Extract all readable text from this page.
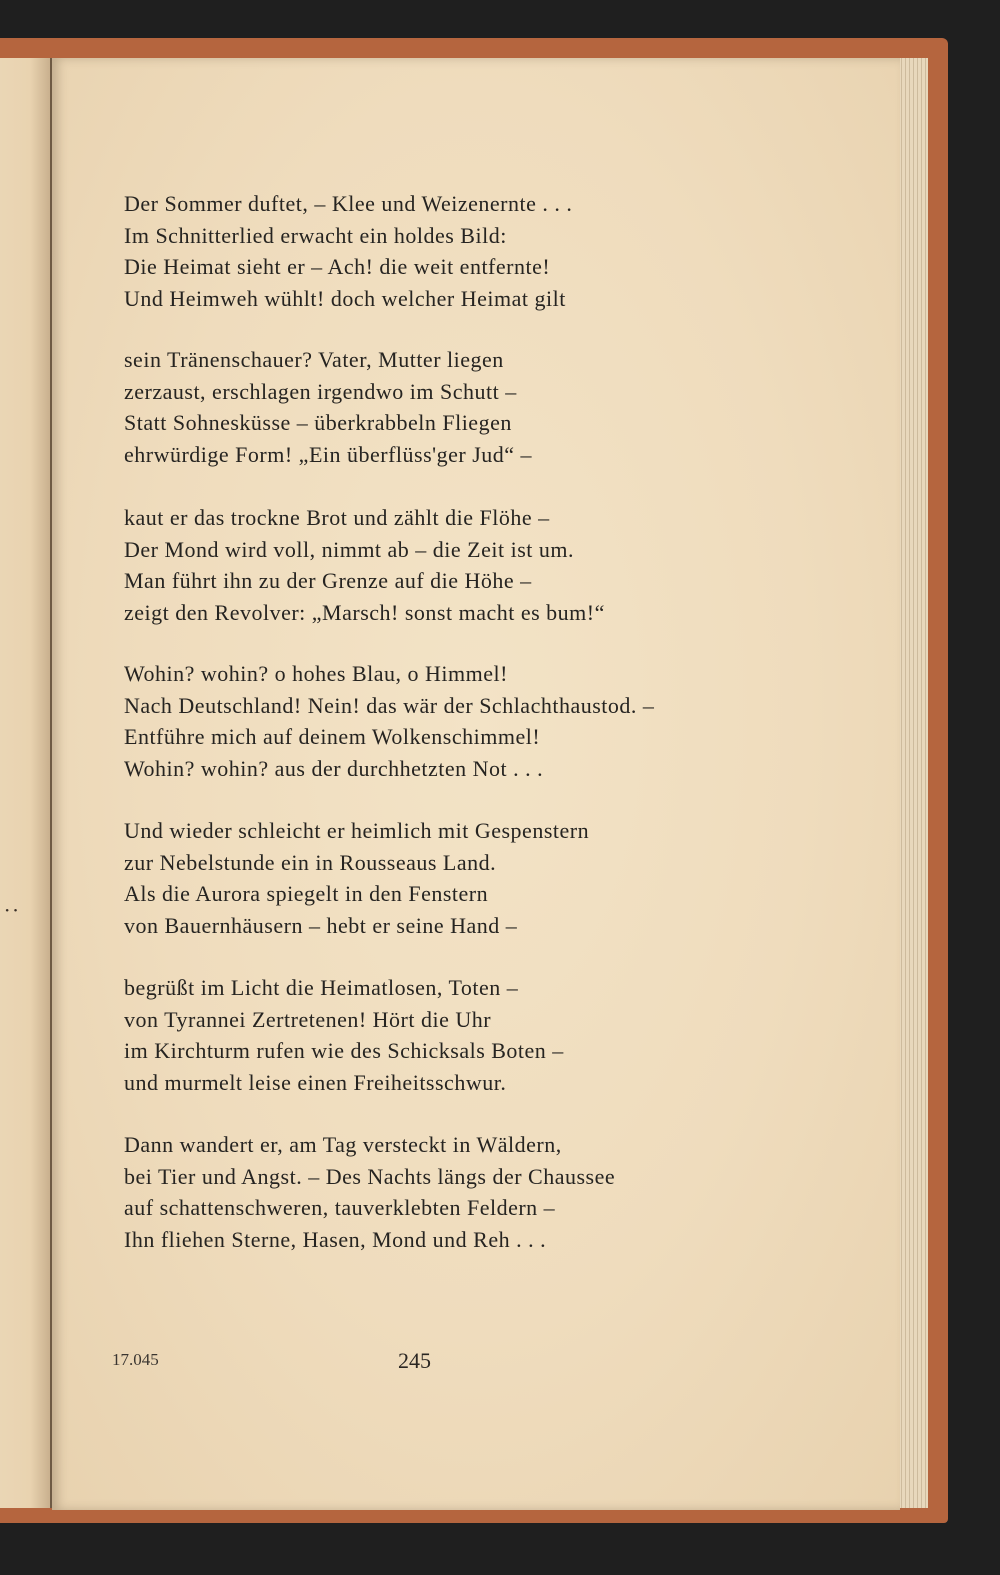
··
Der Sommer duftet, – Klee und Weizenernte . . .
Im Schnitterlied erwacht ein holdes Bild:
Die Heimat sieht er – Ach! die weit entfernte!
Und Heimweh wühlt! doch welcher Heimat gilt
sein Tränenschauer? Vater, Mutter liegen
zerzaust, erschlagen irgendwo im Schutt –
Statt Sohnesküsse – überkrabbeln Fliegen
ehrwürdige Form! „Ein überflüss'ger Jud“ –
kaut er das trockne Brot und zählt die Flöhe –
Der Mond wird voll, nimmt ab – die Zeit ist um.
Man führt ihn zu der Grenze auf die Höhe –
zeigt den Revolver: „Marsch! sonst macht es bum!“
Wohin? wohin? o hohes Blau, o Himmel!
Nach Deutschland! Nein! das wär der Schlachthaustod. –
Entführe mich auf deinem Wolkenschimmel!
Wohin? wohin? aus der durchhetzten Not . . .
Und wieder schleicht er heimlich mit Gespenstern
zur Nebelstunde ein in Rousseaus Land.
Als die Aurora spiegelt in den Fenstern
von Bauernhäusern – hebt er seine Hand –
begrüßt im Licht die Heimatlosen, Toten –
von Tyrannei Zertretenen! Hört die Uhr
im Kirchturm rufen wie des Schicksals Boten –
und murmelt leise einen Freiheitsschwur.
Dann wandert er, am Tag versteckt in Wäldern,
bei Tier und Angst. – Des Nachts längs der Chaussee
auf schattenschweren, tauverklebten Feldern –
Ihn fliehen Sterne, Hasen, Mond und Reh . . .
17.045	245
